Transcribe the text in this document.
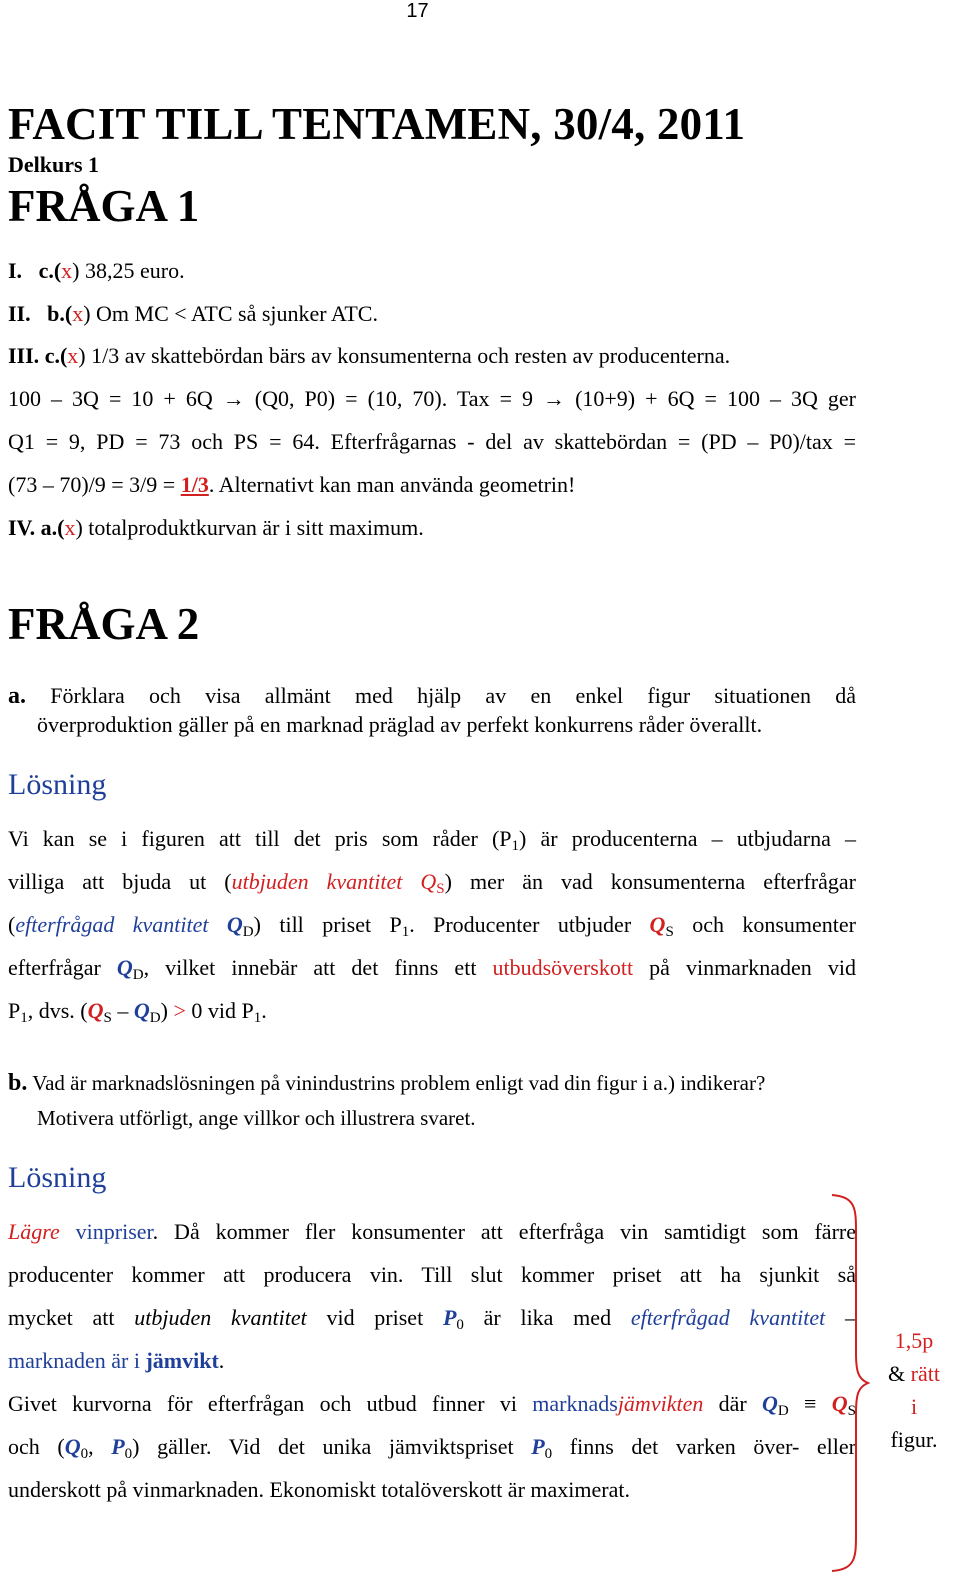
17
FACIT TILL TENTAMEN, 30/4, 2011
Delkurs 1
FRÅGA 1
I. c.(x) 38,25 euro.
II. b.(x) Om MC < ATC så sjunker ATC.
III. c.(x) 1/3 av skattebördan bärs av konsumenterna och resten av producenterna.
100 – 3Q = 10 + 6Q → (Q0, P0) = (10, 70). Tax = 9 → (10+9) + 6Q = 100 – 3Q ger
Q1 = 9, PD = 73 och PS = 64. Efterfrågarnas - del av skattebördan = (PD – P0)/tax =
(73 – 70)/9 = 3/9 = 1/3. Alternativt kan man använda geometrin!
IV. a.(x) totalproduktkurvan är i sitt maximum.
FRÅGA 2
a. Förklara och visa allmänt med hjälp av en enkel figur situationen då
överproduktion gäller på en marknad präglad av perfekt konkurrens råder överallt.
Lösning
Vi kan se i figuren att till det pris som råder $(P_1)$ är producenterna – utbjudarna –
villiga att bjuda ut (utbjuden kvantitet $Q_S$) mer än vad konsumenterna efterfrågar
(efterfrågad kvantitet $Q_D$) till priset $P_1$. Producenter utbjuder $Q_S$ och konsumenter
efterfrågar $Q_D$, vilket innebär att det finns ett utbudsöverskott på vinmarknaden vid
$P_1$, dvs. $(Q_S - Q_D) > 0$ vid $P_1$.
b. Vad är marknadslösningen på vinindustrins problem enligt vad din figur i a.) indikerar?
Motivera utförligt, ange villkor och illustrera svaret.
Lösning
Lägre vinpriser. Då kommer fler konsumenter att efterfråga vin samtidigt som färre
producenter kommer att producera vin. Till slut kommer priset att ha sjunkit så
mycket att utbjuden kvantitet vid priset $P_0$ är lika med efterfrågad kvantitet –
marknaden är i jämvikt.
Givet kurvorna för efterfrågan och utbud finner vi marknadsjämvikten där $Q_D \equiv Q_S$
och ($Q_0$, $P_0$) gäller. Vid det unika jämviktspriset $P_0$ finns det varken över- eller
underskott på vinmarknaden. Ekonomiskt totalöverskott är maximerat.
1,5p
& rätt
i
figur.
